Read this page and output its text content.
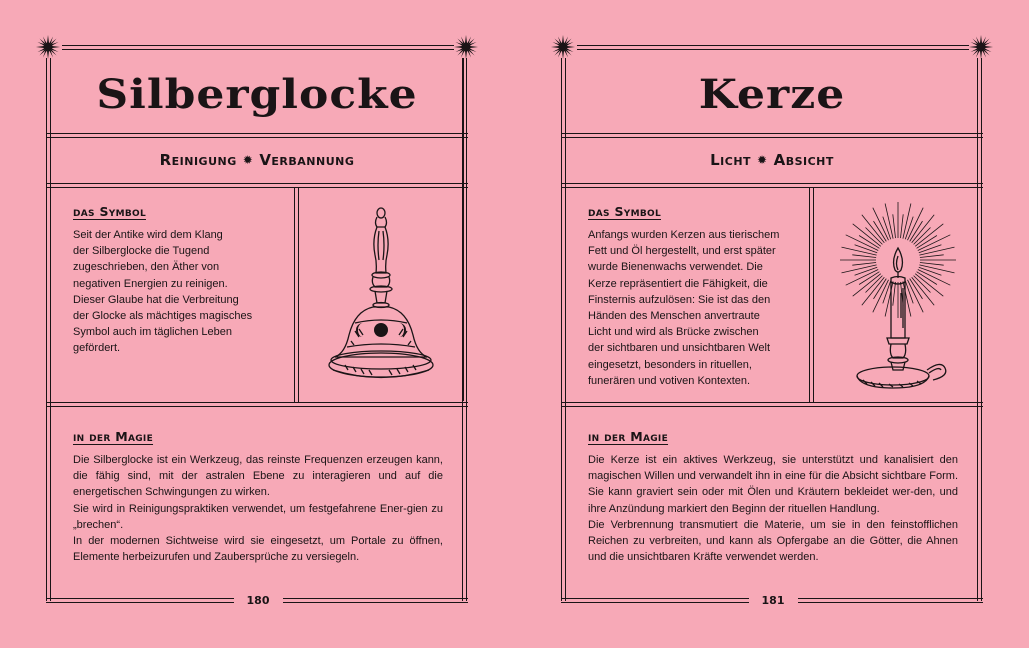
Silberglocke
Reinigung ✹ Verbannung
das Symbol
Seit der Antike wird dem Klang
der Silberglocke die Tugend
zugeschrieben, den Äther von
negativen Energien zu reinigen.
Dieser Glaube hat die Verbreitung
der Glocke als mächtiges magisches
Symbol auch im täglichen Leben
gefördert.
in der Magie
Die Silberglocke ist ein Werkzeug, das reinste Frequenzen erzeugen kann, die fähig sind, mit der astralen Ebene zu interagieren und auf die energetischen Schwingungen zu wirken.
Sie wird in Reinigungspraktiken verwendet, um festgefahrene Ener-gien zu „brechen“.
In der modernen Sichtweise wird sie eingesetzt, um Portale zu öffnen, Elemente herbeizurufen und Zaubersprüche zu versiegeln.
180
Kerze
Licht ✹ Absicht
das Symbol
Anfangs wurden Kerzen aus tierischem
Fett und Öl hergestellt, und erst später
wurde Bienenwachs verwendet. Die
Kerze repräsentiert die Fähigkeit, die
Finsternis aufzulösen: Sie ist das den
Händen des Menschen anvertraute
Licht und wird als Brücke zwischen
der sichtbaren und unsichtbaren Welt
eingesetzt, besonders in rituellen,
funerären und votiven Kontexten.
in der Magie
Die Kerze ist ein aktives Werkzeug, sie unterstützt und kanalisiert den magischen Willen und verwandelt ihn in eine für die Absicht sichtbare Form. Sie kann graviert sein oder mit Ölen und Kräutern bekleidet wer-den, und ihre Anzündung markiert den Beginn der rituellen Handlung.
Die Verbrennung transmutiert die Materie, um sie in den feinstofflichen Reichen zu verbreiten, und kann als Opfergabe an die Götter, die Ahnen und die unsichtbaren Kräfte verwendet werden.
181
